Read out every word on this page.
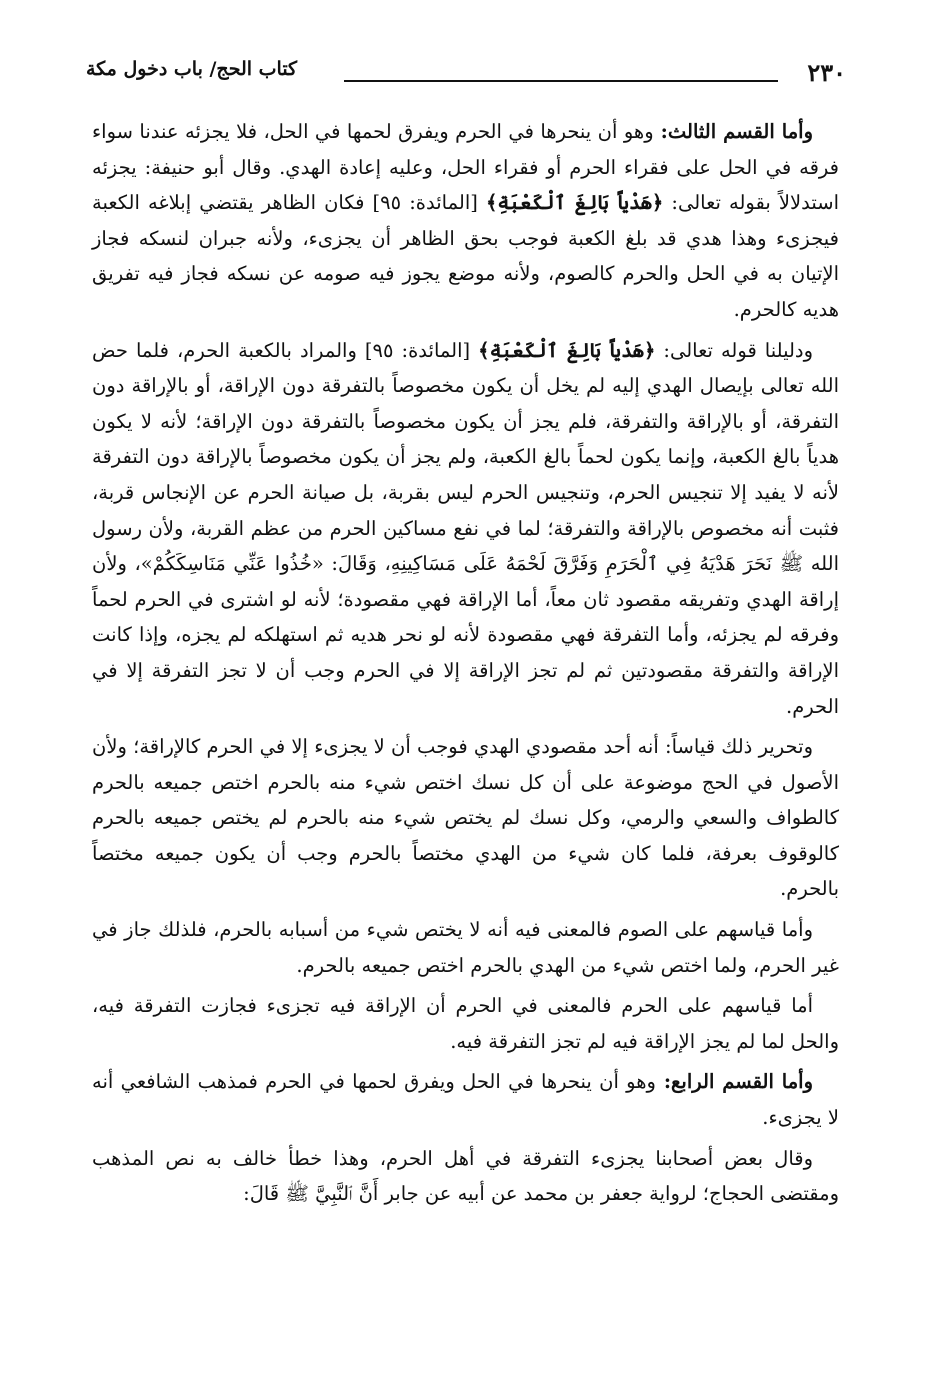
٢٣٠
كتاب الحج/ باب دخول مكة

وأما القسم الثالث: وهو أن ينحرها في الحرم ويفرق لحمها في الحل، فلا يجزئه عندنا سواء فرقه في الحل على فقراء الحرم أو فقراء الحل، وعليه إعادة الهدي. وقال أبو حنيفة: يجزئه استدلالاً بقوله تعالى: ﴿هَدْياً بَالِغَ ٱلْكَعْبَةِ﴾ [المائدة: ٩٥] فكان الظاهر يقتضي إبلاغه الكعبة فيجزىء وهذا هدي قد بلغ الكعبة فوجب بحق الظاهر أن يجزىء، ولأنه جبران لنسكه فجاز الإتيان به في الحل والحرم كالصوم، ولأنه موضع يجوز فيه صومه عن نسكه فجاز فيه تفريق هديه كالحرم.

ودليلنا قوله تعالى: ﴿هَدْياً بَالِغَ ٱلْكَعْبَةِ﴾ [المائدة: ٩٥] والمراد بالكعبة الحرم، فلما حض الله تعالى بإيصال الهدي إليه لم يخل أن يكون مخصوصاً بالتفرقة دون الإراقة، أو بالإراقة دون التفرقة، أو بالإراقة والتفرقة، فلم يجز أن يكون مخصوصاً بالتفرقة دون الإراقة؛ لأنه لا يكون هدياً بالغ الكعبة، وإنما يكون لحماً بالغ الكعبة، ولم يجز أن يكون مخصوصاً بالإراقة دون التفرقة لأنه لا يفيد إلا تنجيس الحرم، وتنجيس الحرم ليس بقربة، بل صيانة الحرم عن الإنجاس قربة، فثبت أنه مخصوص بالإراقة والتفرقة؛ لما في نفع مساكين الحرم من عظم القربة، ولأن رسول الله ﷺ نَحَرَ هَدْيَهُ فِي ٱلْحَرَمِ وَفَرَّقَ لَحْمَهُ عَلَى مَسَاكِينِهِ، وَقَالَ: «خُذُوا عَنِّي مَنَاسِكَكُمْ»، ولأن إراقة الهدي وتفريقه مقصود ثان معاً، أما الإراقة فهي مقصودة؛ لأنه لو اشترى في الحرم لحماً وفرقه لم يجزئه، وأما التفرقة فهي مقصودة لأنه لو نحر هديه ثم استهلكه لم يجزه، وإذا كانت الإراقة والتفرقة مقصودتين ثم لم تجز الإراقة إلا في الحرم وجب أن لا تجز التفرقة إلا في الحرم.

وتحرير ذلك قياساً: أنه أحد مقصودي الهدي فوجب أن لا يجزىء إلا في الحرم كالإراقة؛ ولأن الأصول في الحج موضوعة على أن كل نسك اختص شيء منه بالحرم اختص جميعه بالحرم كالطواف والسعي والرمي، وكل نسك لم يختص شيء منه بالحرم لم يختص جميعه بالحرم كالوقوف بعرفة، فلما كان شيء من الهدي مختصاً بالحرم وجب أن يكون جميعه مختصاً بالحرم.

وأما قياسهم على الصوم فالمعنى فيه أنه لا يختص شيء من أسبابه بالحرم، فلذلك جاز في غير الحرم، ولما اختص شيء من الهدي بالحرم اختص جميعه بالحرم.

أما قياسهم على الحرم فالمعنى في الحرم أن الإراقة فيه تجزىء فجازت التفرقة فيه، والحل لما لم يجز الإراقة فيه لم تجز التفرقة فيه.

وأما القسم الرابع: وهو أن ينحرها في الحل ويفرق لحمها في الحرم فمذهب الشافعي أنه لا يجزىء.

وقال بعض أصحابنا يجزىء التفرقة في أهل الحرم، وهذا خطأ خالف به نص المذهب ومقتضى الحجاج؛ لرواية جعفر بن محمد عن أبيه عن جابر أَنَّ ٱلنَّبِيَّ ﷺ قَالَ:
